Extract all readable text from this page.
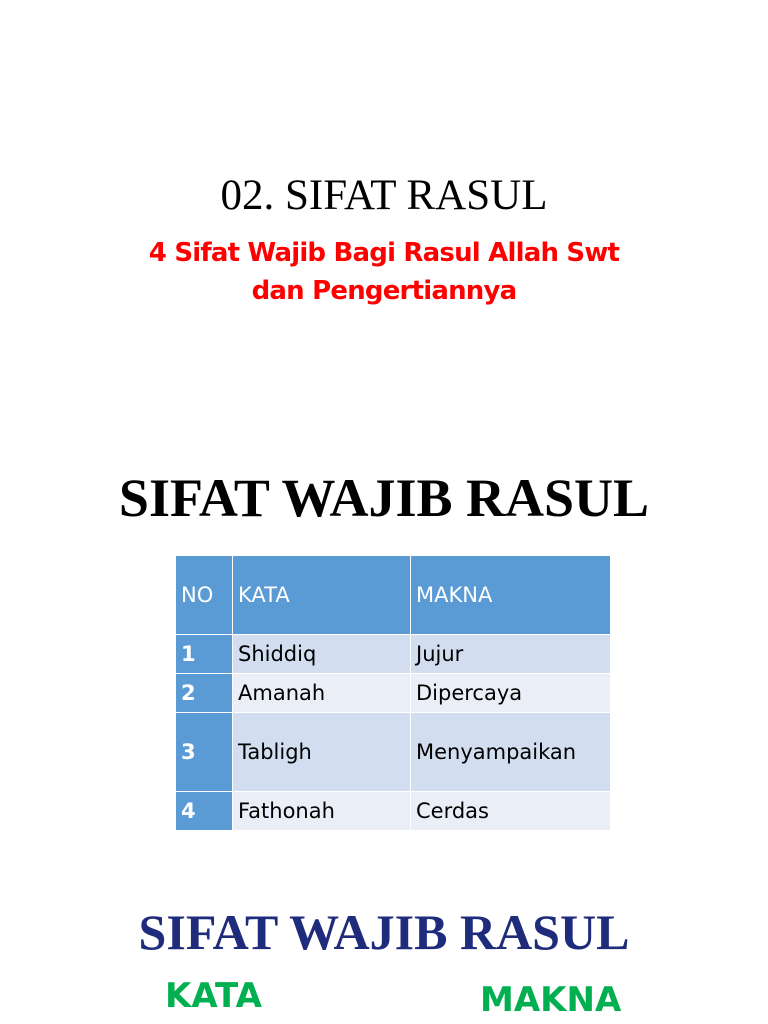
02. SIFAT RASUL
4 Sifat Wajib Bagi Rasul Allah Swt
dan Pengertiannya
SIFAT WAJIB RASUL
NO	KATA	MAKNA
1	Shiddiq	Jujur
2	Amanah	Dipercaya
3	Tabligh	Menyampaikan
4	Fathonah	Cerdas
SIFAT WAJIB RASUL
KATA	MAKNA
